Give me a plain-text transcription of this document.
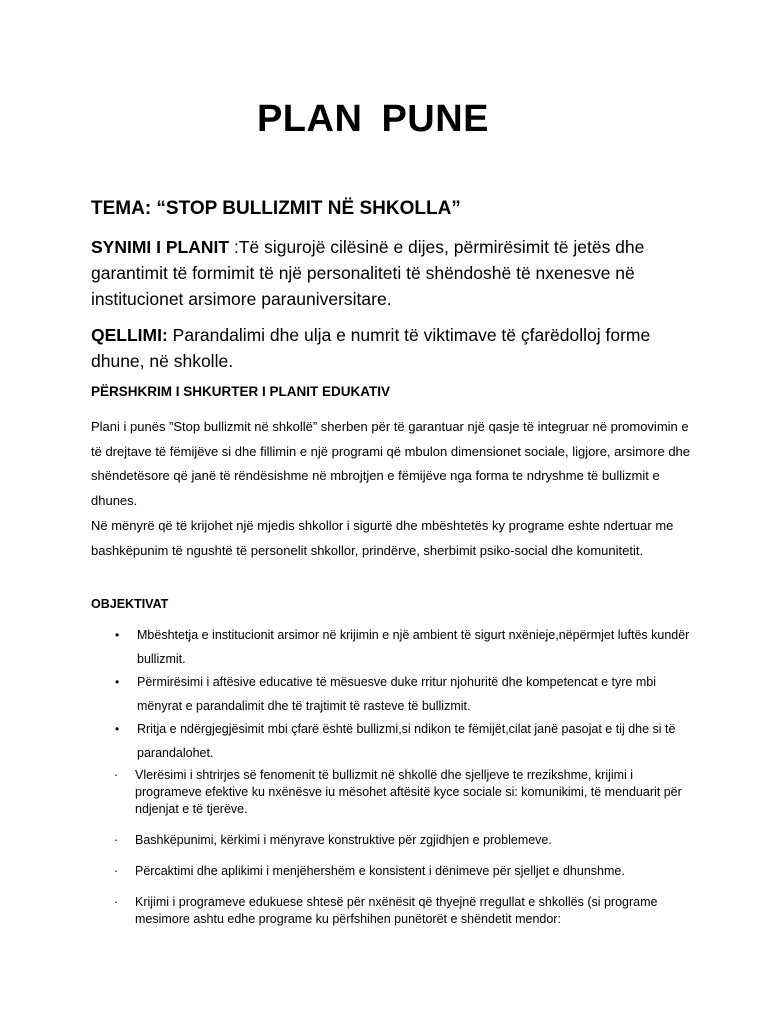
PLAN PUNE
TEMA: “STOP BULLIZMIT NË SHKOLLA”
SYNIMI I PLANIT :Të sigurojë cilësinë e dijes, përmirësimit të jetës dhe garantimit të formimit të një personaliteti të shëndoshë të nxenesve në institucionet arsimore parauniversitare.
QELLIMI: Parandalimi dhe ulja e numrit të viktimave të çfarëdolloj forme dhune, në shkolle.
PËRSHKRIM I SHKURTER I PLANIT EDUKATIV
Plani i punës ”Stop bullizmit në shkollë” sherben për të garantuar një qasje të integruar në promovimin e të drejtave të fëmijëve si dhe fillimin e një programi që mbulon dimensionet sociale, ligjore, arsimore dhe shëndetësore që janë të rëndësishme në mbrojtjen e fëmijëve nga forma te ndryshme të bullizmit e dhunes.
Në mënyrë që të krijohet një mjedis shkollor i sigurtë dhe mbështetës ky programe eshte ndertuar me bashkëpunim të ngushtë të personelit shkollor, prindërve, sherbimit psiko-social dhe komunitetit.
OBJEKTIVAT
• Mbështetja e institucionit arsimor në krijimin e një ambient të sigurt nxënieje,nëpërmjet luftës kundër bullizmit.
• Përmirësimi i aftësive educative të mësuesve duke rritur njohuritë dhe kompetencat e tyre mbi mënyrat e parandalimit dhe të trajtimit të rasteve të bullizmit.
• Rritja e ndërgjegjësimit mbi çfarë është bullizmi,si ndikon te fëmijët,cilat janë pasojat e tij dhe si të parandalohet.
· Vlerësimi i shtrirjes së fenomenit të bullizmit në shkollë dhe sjelljeve te rrezikshme, krijimi i programeve efektive ku nxënësve iu mësohet aftësitë kyce sociale si: komunikimi, të menduarit për ndjenjat e të tjerëve.
· Bashkëpunimi, kërkimi i mënyrave konstruktive për zgjidhjen e problemeve.
· Përcaktimi dhe aplikimi i menjëhershëm e konsistent i dënimeve për sjelljet e dhunshme.
· Krijimi i programeve edukuese shtesë për nxënësit që thyejnë rregullat e shkollës (si programe mesimore ashtu edhe programe ku përfshihen punëtorët e shëndetit mendor:
